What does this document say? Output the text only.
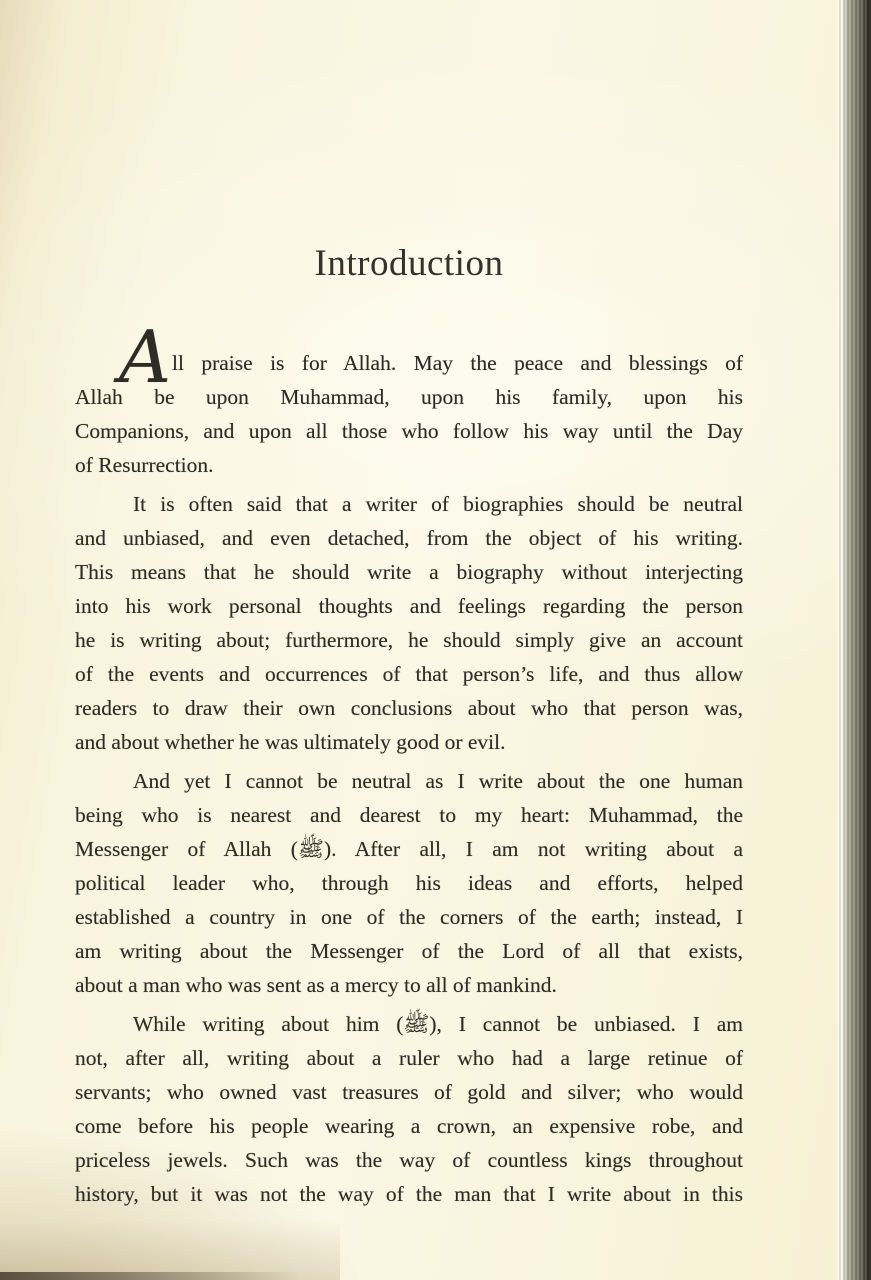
Introduction
All praise is for Allah. May the peace and blessings of
Allah be upon Muhammad, upon his family, upon his
Companions, and upon all those who follow his way until the Day
of Resurrection.
It is often said that a writer of biographies should be neutral
and unbiased, and even detached, from the object of his writing.
This means that he should write a biography without interjecting
into his work personal thoughts and feelings regarding the person
he is writing about; furthermore, he should simply give an account
of the events and occurrences of that person’s life, and thus allow
readers to draw their own conclusions about who that person was,
and about whether he was ultimately good or evil.
And yet I cannot be neutral as I write about the one human
being who is nearest and dearest to my heart: Muhammad, the
Messenger of Allah (ﷺ). After all, I am not writing about a
political leader who, through his ideas and efforts, helped
established a country in one of the corners of the earth; instead, I
am writing about the Messenger of the Lord of all that exists,
about a man who was sent as a mercy to all of mankind.
While writing about him (ﷺ), I cannot be unbiased. I am
not, after all, writing about a ruler who had a large retinue of
servants; who owned vast treasures of gold and silver; who would
come before his people wearing a crown, an expensive robe, and
priceless jewels. Such was the way of countless kings throughout
history, but it was not the way of the man that I write about in this
